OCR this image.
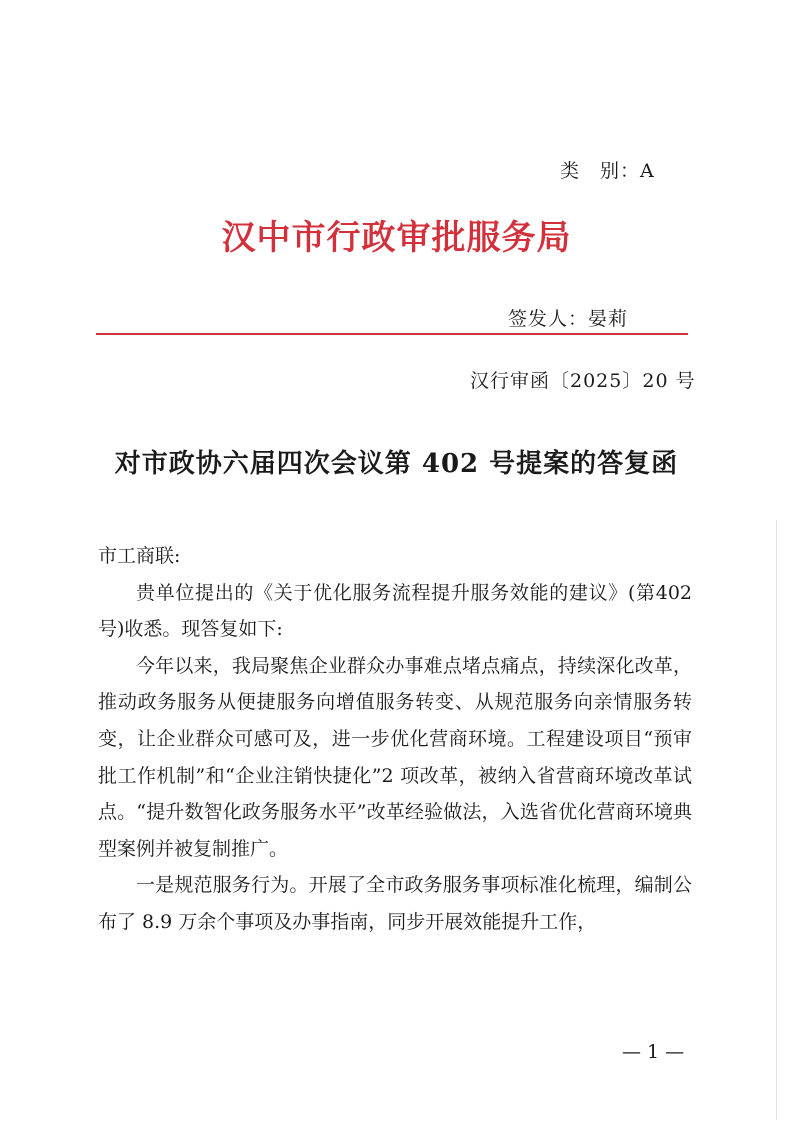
类　别：A
汉中市行政审批服务局
签发人：晏莉
汉行审函〔2025〕20 号
对市政协六届四次会议第 402 号提案的答复函

市工商联:

贵单位提出的《关于优化服务流程提升服务效能的建议》(第402号)收悉。现答复如下:

今年以来，我局聚焦企业群众办事难点堵点痛点，持续深化改革，推动政务服务从便捷服务向增值服务转变、从规范服务向亲情服务转变，让企业群众可感可及，进一步优化营商环境。工程建设项目“预审批工作机制”和“企业注销快捷化”2 项改革，被纳入省营商环境改革试点。“提升数智化政务服务水平”改革经验做法，入选省优化营商环境典型案例并被复制推广。

一是规范服务行为。开展了全市政务服务事项标准化梳理，编制公布了 8.9 万余个事项及办事指南，同步开展效能提升工作，

— 1 —
